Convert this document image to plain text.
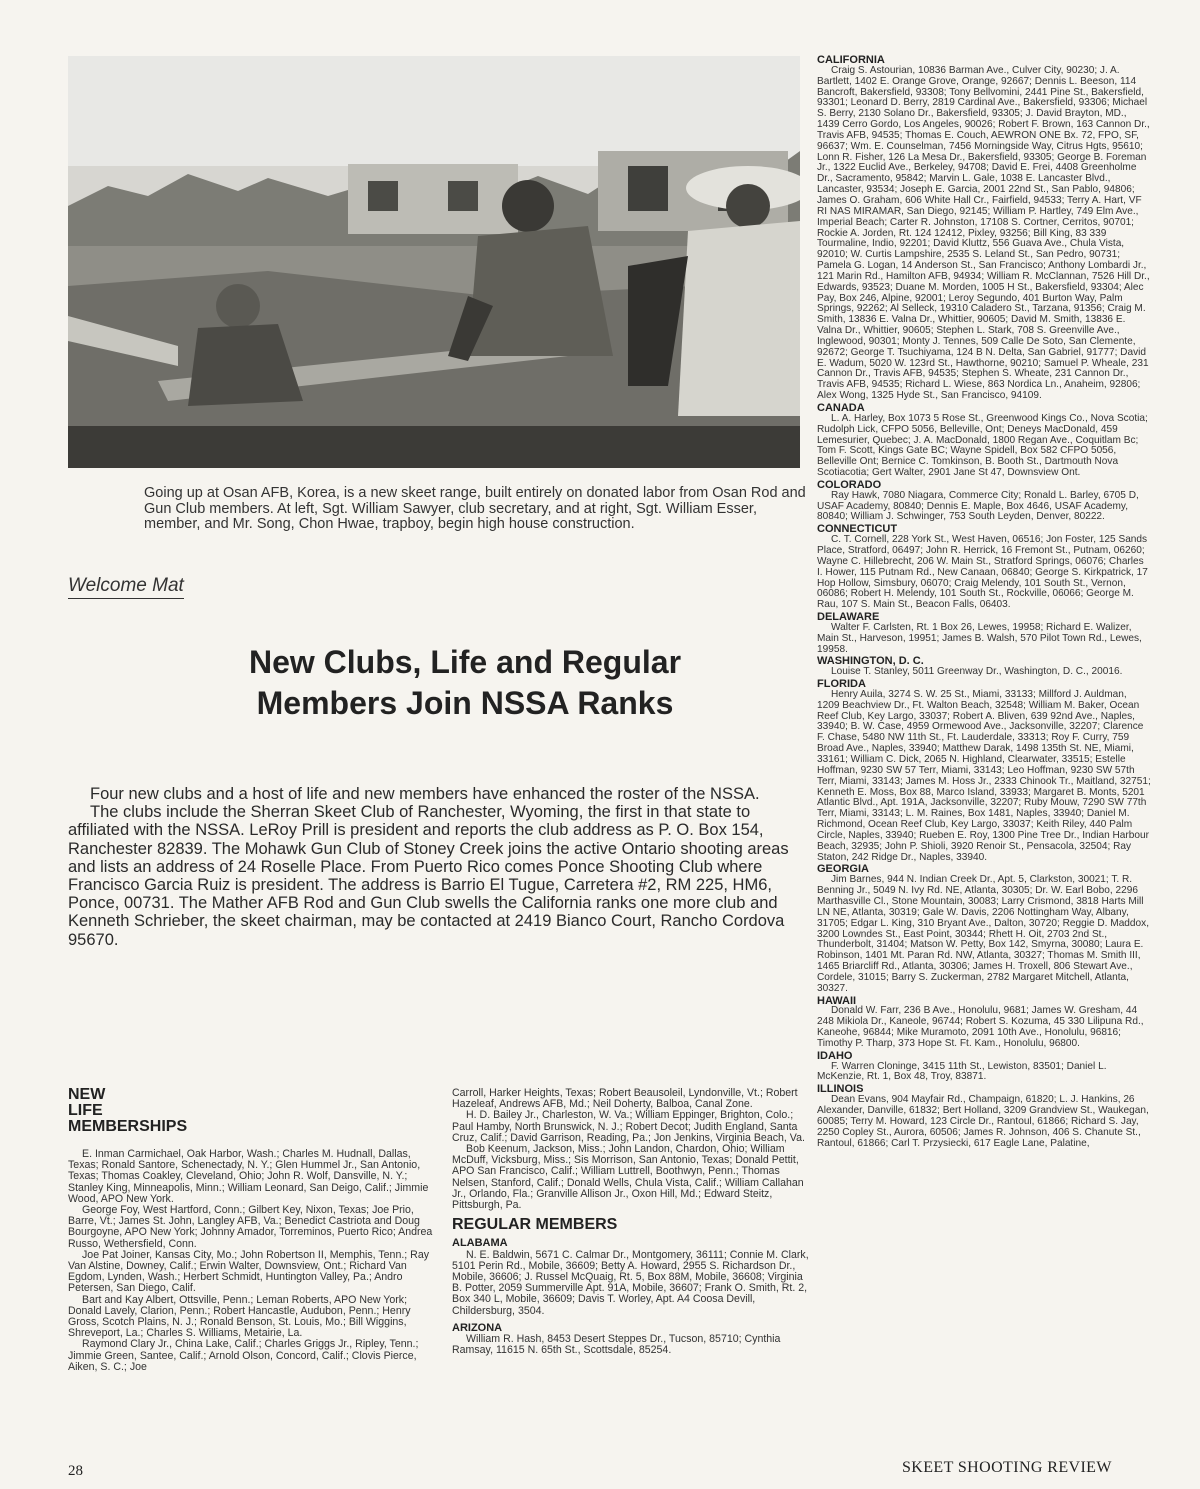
Going up at Osan AFB, Korea, is a new skeet range, built entirely on donated labor from Osan Rod and Gun Club members. At left, Sgt. William Sawyer, club secretary, and at right, Sgt. William Esser, member, and Mr. Song, Chon Hwae, trapboy, begin high house construction.
Welcome Mat
New Clubs, Life and Regular
Members Join NSSA Ranks

Four new clubs and a host of life and new members have enhanced the roster of the NSSA.

The clubs include the Sherran Skeet Club of Ranchester, Wyoming, the first in that state to affiliated with the NSSA. LeRoy Prill is president and reports the club address as P. O. Box 154, Ranchester 82839. The Mohawk Gun Club of Stoney Creek joins the active Ontario shooting areas and lists an address of 24 Roselle Place. From Puerto Rico comes Ponce Shooting Club where Francisco Garcia Ruiz is president. The address is Barrio El Tugue, Carretera #2, RM 225, HM6, Ponce, 00731. The Mather AFB Rod and Gun Club swells the California ranks one more club and Kenneth Schrieber, the skeet chairman, may be contacted at 2419 Bianco Court, Rancho Cordova 95670.

NEW
LIFE
MEMBERSHIPS

E. Inman Carmichael, Oak Harbor, Wash.; Charles M. Hudnall, Dallas, Texas; Ronald Santore, Schenectady, N. Y.; Glen Hummel Jr., San Antonio, Texas; Thomas Coakley, Cleveland, Ohio; John R. Wolf, Dansville, N. Y.; Stanley King, Minneapolis, Minn.; William Leonard, San Deigo, Calif.; Jimmie Wood, APO New York.

George Foy, West Hartford, Conn.; Gilbert Key, Nixon, Texas; Joe Prio, Barre, Vt.; James St. John, Langley AFB, Va.; Benedict Castriota and Doug Bourgoyne, APO New York; Johnny Amador, Torreminos, Puerto Rico; Andrea Russo, Wethersfield, Conn.

Joe Pat Joiner, Kansas City, Mo.; John Robertson II, Memphis, Tenn.; Ray Van Alstine, Downey, Calif.; Erwin Walter, Downsview, Ont.; Richard Van Egdom, Lynden, Wash.; Herbert Schmidt, Huntington Valley, Pa.; Andro Petersen, San Diego, Calif.

Bart and Kay Albert, Ottsville, Penn.; Leman Roberts, APO New York; Donald Lavely, Clarion, Penn.; Robert Hancastle, Audubon, Penn.; Henry Gross, Scotch Plains, N. J.; Ronald Benson, St. Louis, Mo.; Bill Wiggins, Shreveport, La.; Charles S. Williams, Metairie, La.

Raymond Clary Jr., China Lake, Calif.; Charles Griggs Jr., Ripley, Tenn.; Jimmie Green, Santee, Calif.; Arnold Olson, Concord, Calif.; Clovis Pierce, Aiken, S. C.; Joe

Carroll, Harker Heights, Texas; Robert Beausoleil, Lyndonville, Vt.; Robert Hazeleaf, Andrews AFB, Md.; Neil Doherty, Balboa, Canal Zone.

H. D. Bailey Jr., Charleston, W. Va.; William Eppinger, Brighton, Colo.; Paul Hamby, North Brunswick, N. J.; Robert Decot; Judith England, Santa Cruz, Calif.; David Garrison, Reading, Pa.; Jon Jenkins, Virginia Beach, Va.

Bob Keenum, Jackson, Miss.; John Landon, Chardon, Ohio; William McDuff, Vicksburg, Miss.; Sis Morrison, San Antonio, Texas; Donald Pettit, APO San Francisco, Calif.; William Luttrell, Boothwyn, Penn.; Thomas Nelsen, Stanford, Calif.; Donald Wells, Chula Vista, Calif.; William Callahan Jr., Orlando, Fla.; Granville Allison Jr., Oxon Hill, Md.; Edward Steitz, Pittsburgh, Pa.

REGULAR MEMBERS
ALABAMA

N. E. Baldwin, 5671 C. Calmar Dr., Montgomery, 36111; Connie M. Clark, 5101 Perin Rd., Mobile, 36609; Betty A. Howard, 2955 S. Richardson Dr., Mobile, 36606; J. Russel McQuaig, Rt. 5, Box 88M, Mobile, 36608; Virginia B. Potter, 2059 Summerville Apt. 91A, Mobile, 36607; Frank O. Smith, Rt. 2, Box 340 L, Mobile, 36609; Davis T. Worley, Apt. A4 Coosa Devill, Childersburg, 3504.

ARIZONA

William R. Hash, 8453 Desert Steppes Dr., Tucson, 85710; Cynthia Ramsay, 11615 N. 65th St., Scottsdale, 85254.

CALIFORNIA

Craig S. Astourian, 10836 Barman Ave., Culver City, 90230; J. A. Bartlett, 1402 E. Orange Grove, Orange, 92667; Dennis L. Beeson, 114 Bancroft, Bakersfield, 93308; Tony Bellvomini, 2441 Pine St., Bakersfield, 93301; Leonard D. Berry, 2819 Cardinal Ave., Bakersfield, 93306; Michael S. Berry, 2130 Solano Dr., Bakersfield, 93305; J. David Brayton, MD., 1439 Cerro Gordo, Los Angeles, 90026; Robert F. Brown, 163 Cannon Dr., Travis AFB, 94535; Thomas E. Couch, AEWRON ONE Bx. 72, FPO, SF, 96637; Wm. E. Counselman, 7456 Morningside Way, Citrus Hgts, 95610; Lonn R. Fisher, 126 La Mesa Dr., Bakersfield, 93305; George B. Foreman Jr., 1322 Euclid Ave., Berkeley, 94708; David E. Frei, 4408 Greenholme Dr., Sacramento, 95842; Marvin L. Gale, 1038 E. Lancaster Blvd., Lancaster, 93534; Joseph E. Garcia, 2001 22nd St., San Pablo, 94806; James O. Graham, 606 White Hall Cr., Fairfield, 94533; Terry A. Hart, VF RI NAS MIRAMAR, San Diego, 92145; William P. Hartley, 749 Elm Ave., Imperial Beach; Carter R. Johnston, 17108 S. Cortner, Cerritos, 90701; Rockie A. Jorden, Rt. 124 12412, Pixley, 93256; Bill King, 83 339 Tourmaline, Indio, 92201; David Kluttz, 556 Guava Ave., Chula Vista, 92010; W. Curtis Lampshire, 2535 S. Leland St., San Pedro, 90731; Pamela G. Logan, 14 Anderson St., San Francisco; Anthony Lombardi Jr., 121 Marin Rd., Hamilton AFB, 94934; William R. McClannan, 7526 Hill Dr., Edwards, 93523; Duane M. Morden, 1005 H St., Bakersfield, 93304; Alec Pay, Box 246, Alpine, 92001; Leroy Segundo, 401 Burton Way, Palm Springs, 92262; Al Selleck, 19310 Caladero St., Tarzana, 91356; Craig M. Smith, 13836 E. Valna Dr., Whittier, 90605; David M. Smith, 13836 E. Valna Dr., Whittier, 90605; Stephen L. Stark, 708 S. Greenville Ave., Inglewood, 90301; Monty J. Tennes, 509 Calle De Soto, San Clemente, 92672; George T. Tsuchiyama, 124 B N. Delta, San Gabriel, 91777; David E. Wadum, 5020 W. 123rd St., Hawthorne, 90210; Samuel P. Wheale, 231 Cannon Dr., Travis AFB, 94535; Stephen S. Wheate, 231 Cannon Dr., Travis AFB, 94535; Richard L. Wiese, 863 Nordica Ln., Anaheim, 92806; Alex Wong, 1325 Hyde St., San Francisco, 94109.

CANADA

L. A. Harley, Box 1073 5 Rose St., Greenwood Kings Co., Nova Scotia; Rudolph Lick, CFPO 5056, Belleville, Ont; Deneys MacDonald, 459 Lemesurier, Quebec; J. A. MacDonald, 1800 Regan Ave., Coquitlam Bc; Tom F. Scott, Kings Gate BC; Wayne Spidell, Box 582 CFPO 5056, Belleville Ont; Bernice C. Tomkinson, B. Booth St., Dartmouth Nova Scotiacotia; Gert Walter, 2901 Jane St 47, Downsview Ont.

COLORADO

Ray Hawk, 7080 Niagara, Commerce City; Ronald L. Barley, 6705 D, USAF Academy, 80840; Dennis E. Maple, Box 4646, USAF Academy, 80840; William J. Schwinger, 753 South Leyden, Denver, 80222.

CONNECTICUT

C. T. Cornell, 228 York St., West Haven, 06516; Jon Foster, 125 Sands Place, Stratford, 06497; John R. Herrick, 16 Fremont St., Putnam, 06260; Wayne C. Hillebrecht, 206 W. Main St., Stratford Springs, 06076; Charles I. Hower, 115 Putnam Rd., New Canaan, 06840; George S. Kirkpatrick, 17 Hop Hollow, Simsbury, 06070; Craig Melendy, 101 South St., Vernon, 06086; Robert H. Melendy, 101 South St., Rockville, 06066; George M. Rau, 107 S. Main St., Beacon Falls, 06403.

DELAWARE

Walter F. Carlsten, Rt. 1 Box 26, Lewes, 19958; Richard E. Walizer, Main St., Harveson, 19951; James B. Walsh, 570 Pilot Town Rd., Lewes, 19958.

WASHINGTON, D. C.

Louise T. Stanley, 5011 Greenway Dr., Washington, D. C., 20016.

FLORIDA

Henry Auila, 3274 S. W. 25 St., Miami, 33133; Millford J. Auldman, 1209 Beachview Dr., Ft. Walton Beach, 32548; William M. Baker, Ocean Reef Club, Key Largo, 33037; Robert A. Bliven, 639 92nd Ave., Naples, 33940; B. W. Case, 4959 Ormewood Ave., Jacksonville, 32207; Clarence F. Chase, 5480 NW 11th St., Ft. Lauderdale, 33313; Roy F. Curry, 759 Broad Ave., Naples, 33940; Matthew Darak, 1498 135th St. NE, Miami, 33161; William C. Dick, 2065 N. Highland, Clearwater, 33515; Estelle Hoffman, 9230 SW 57 Terr, Miami, 33143; Leo Hoffman, 9230 SW 57th Terr, Miami, 33143; James M. Hoss Jr., 2333 Chinook Tr., Maitland, 32751; Kenneth E. Moss, Box 88, Marco Island, 33933; Margaret B. Monts, 5201 Atlantic Blvd., Apt. 191A, Jacksonville, 32207; Ruby Mouw, 7290 SW 77th Terr, Miami, 33143; L. M. Raines, Box 1481, Naples, 33940; Daniel M. Richmond, Ocean Reef Club, Key Largo, 33037; Keith Riley, 440 Palm Circle, Naples, 33940; Rueben E. Roy, 1300 Pine Tree Dr., Indian Harbour Beach, 32935; John P. Shioli, 3920 Renoir St., Pensacola, 32504; Ray Staton, 242 Ridge Dr., Naples, 33940.

GEORGIA

Jim Barnes, 944 N. Indian Creek Dr., Apt. 5, Clarkston, 30021; T. R. Benning Jr., 5049 N. Ivy Rd. NE, Atlanta, 30305; Dr. W. Earl Bobo, 2296 Marthasville Cl., Stone Mountain, 30083; Larry Crismond, 3818 Harts Mill LN NE, Atlanta, 30319; Gale W. Davis, 2206 Nottingham Way, Albany, 31705; Edgar L. King, 310 Bryant Ave., Dalton, 30720; Reggie D. Maddox, 3200 Lowndes St., East Point, 30344; Rhett H. Oit, 2703 2nd St., Thunderbolt, 31404; Matson W. Petty, Box 142, Smyrna, 30080; Laura E. Robinson, 1401 Mt. Paran Rd. NW, Atlanta, 30327; Thomas M. Smith III, 1465 Briarcliff Rd., Atlanta, 30306; James H. Troxell, 806 Stewart Ave., Cordele, 31015; Barry S. Zuckerman, 2782 Margaret Mitchell, Atlanta, 30327.

HAWAII

Donald W. Farr, 236 B Ave., Honolulu, 9681; James W. Gresham, 44 248 Mikiola Dr., Kaneole, 96744; Robert S. Kozuma, 45 330 Lilipuna Rd., Kaneohe, 96844; Mike Muramoto, 2091 10th Ave., Honolulu, 96816; Timothy P. Tharp, 373 Hope St. Ft. Kam., Honolulu, 96800.

IDAHO

F. Warren Cloninge, 3415 11th St., Lewiston, 83501; Daniel L. McKenzie, Rt. 1, Box 48, Troy, 83871.

ILLINOIS

Dean Evans, 904 Mayfair Rd., Champaign, 61820; L. J. Hankins, 26 Alexander, Danville, 61832; Bert Holland, 3209 Grandview St., Waukegan, 60085; Terry M. Howard, 123 Circle Dr., Rantoul, 61866; Richard S. Jay, 2250 Copley St., Aurora, 60506; James R. Johnson, 406 S. Chanute St., Rantoul, 61866; Carl T. Przysiecki, 617 Eagle Lane, Palatine,

28	SKEET SHOOTING REVIEW
